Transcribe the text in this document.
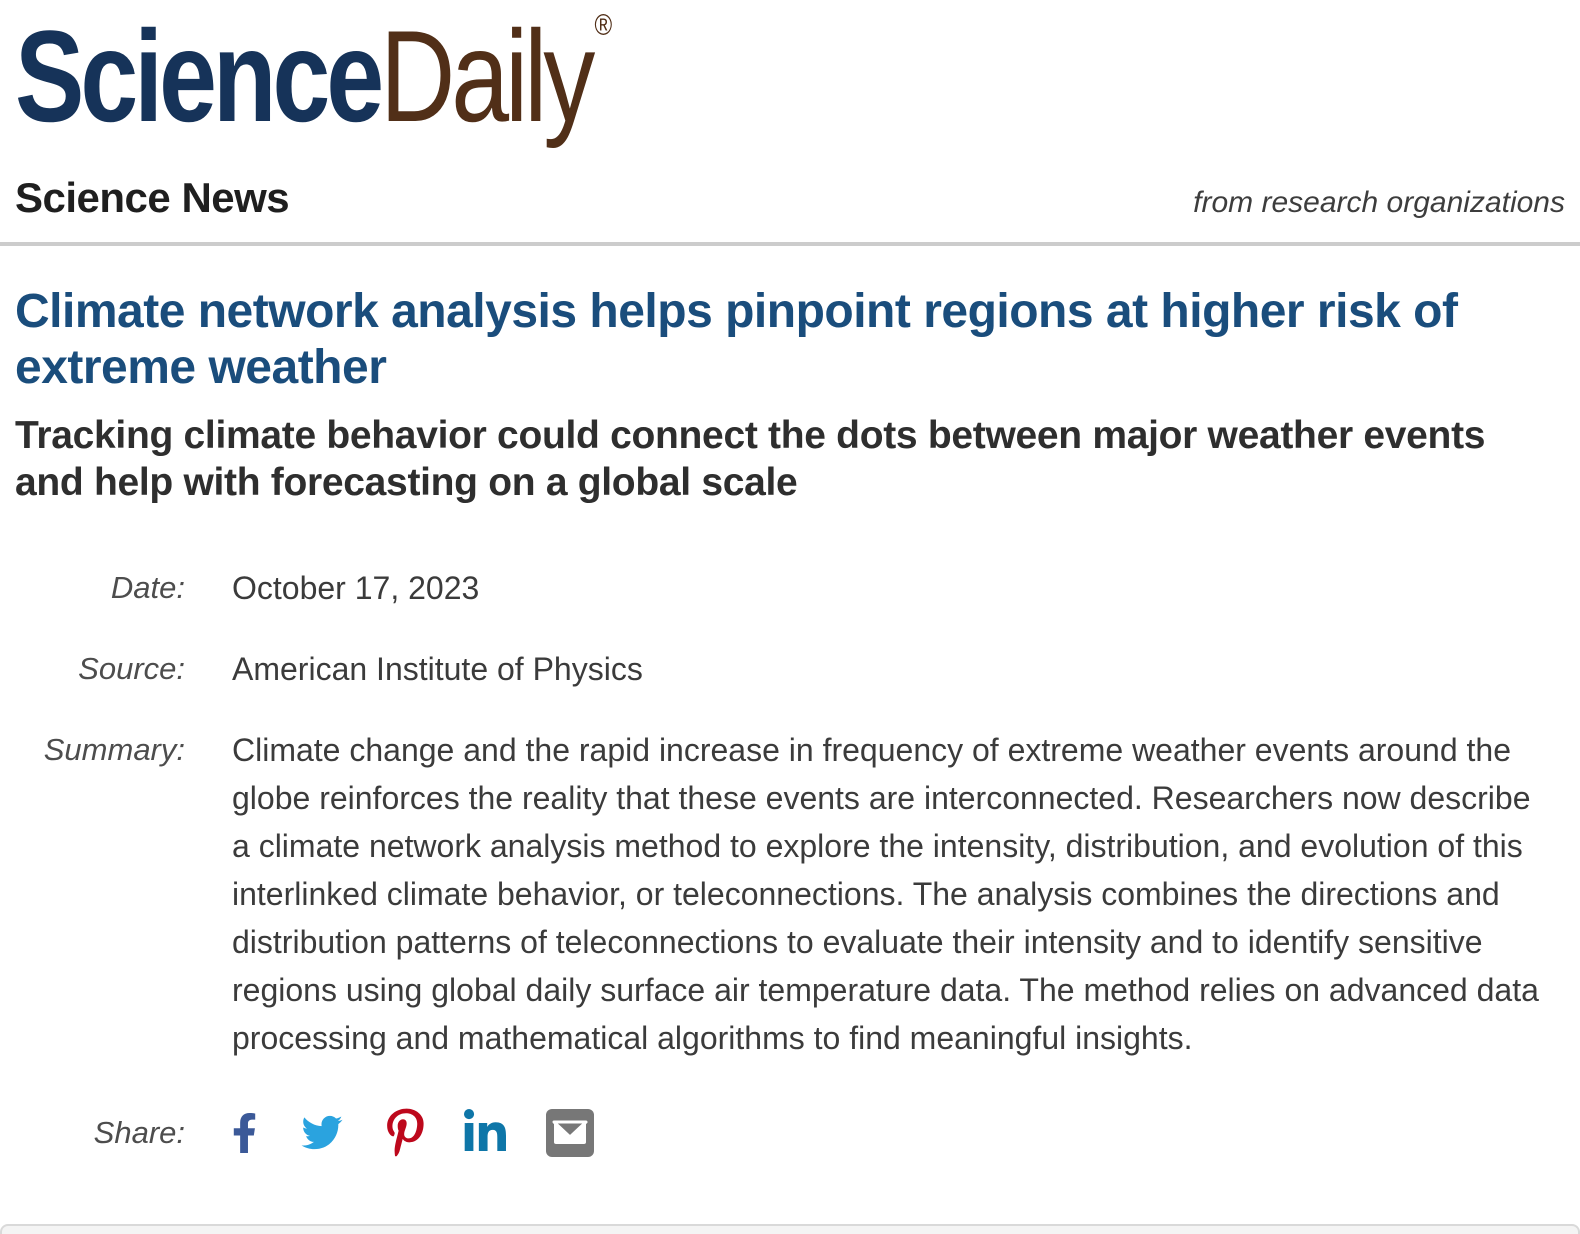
ScienceDaily ®
Science News	from research organizations
Climate network analysis helps pinpoint regions at higher risk of extreme weather
Tracking climate behavior could connect the dots between major weather events and help with forecasting on a global scale
Date: October 17, 2023
Source: American Institute of Physics
Summary: Climate change and the rapid increase in frequency of extreme weather events around the globe reinforces the reality that these events are interconnected. Researchers now describe a climate network analysis method to explore the intensity, distribution, and evolution of this interlinked climate behavior, or teleconnections. The analysis combines the directions and distribution patterns of teleconnections to evaluate their intensity and to identify sensitive regions using global daily surface air temperature data. The method relies on advanced data processing and mathematical algorithms to find meaningful insights.
Share:
